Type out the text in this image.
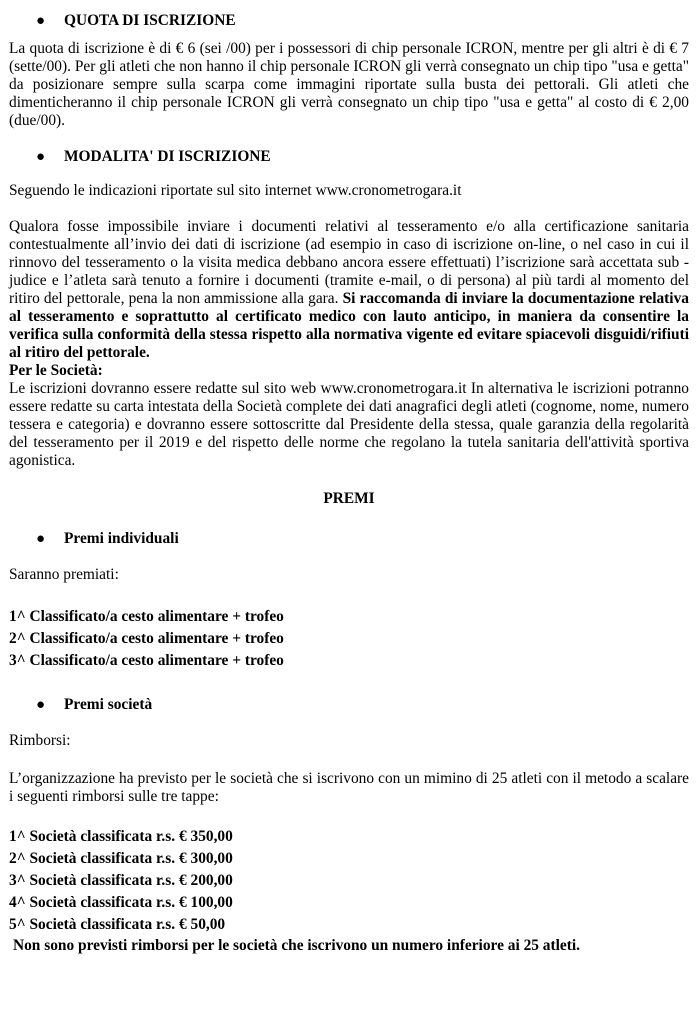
●	QUOTA DI ISCRIZIONE

La quota di iscrizione è di € 6 (sei /00) per i possessori di chip personale ICRON, mentre per gli altri è di € 7 (sette/00). Per gli atleti che non hanno il chip personale ICRON gli verrà consegnato un chip tipo "usa e getta" da posizionare sempre sulla scarpa come immagini riportate sulla busta dei pettorali. Gli atleti che dimenticheranno il chip personale ICRON gli verrà consegnato un chip tipo "usa e getta" al costo di € 2,00 (due/00).

●	MODALITA' DI ISCRIZIONE

Seguendo le indicazioni riportate sul sito internet www.cronometrogara.it

Qualora fosse impossibile inviare i documenti relativi al tesseramento e/o alla certificazione sanitaria contestualmente all’invio dei dati di iscrizione (ad esempio in caso di iscrizione on-line, o nel caso in cui il rinnovo del tesseramento o la visita medica debbano ancora essere effettuati) l’iscrizione sarà accettata sub - judice e l’atleta sarà tenuto a fornire i documenti (tramite e-mail, o di persona) al più tardi al momento del ritiro del pettorale, pena la non ammissione alla gara. Si raccomanda di inviare la documentazione relativa al tesseramento e soprattutto al certificato medico con lauto anticipo, in maniera da consentire la verifica sulla conformità della stessa rispetto alla normativa vigente ed evitare spiacevoli disguidi/rifiuti al ritiro del pettorale.

Per le Società:

Le iscrizioni dovranno essere redatte sul sito web www.cronometrogara.it In alternativa le iscrizioni potranno essere redatte su carta intestata della Società complete dei dati anagrafici degli atleti (cognome, nome, numero tessera e categoria) e dovranno essere sottoscritte dal Presidente della stessa, quale garanzia della regolarità del tesseramento per il 2019 e del rispetto delle norme che regolano la tutela sanitaria dell'attività sportiva agonistica.

PREMI

●	Premi individuali

Saranno premiati:

1^ Classificato/a cesto alimentare + trofeo
2^ Classificato/a cesto alimentare + trofeo
3^ Classificato/a cesto alimentare + trofeo
●	Premi società

Rimborsi:

L’organizzazione ha previsto per le società che si iscrivono con un mimino di 25 atleti con il metodo a scalare i seguenti rimborsi sulle tre tappe:

1^ Società classificata r.s. € 350,00
2^ Società classificata r.s. € 300,00
3^ Società classificata r.s. € 200,00
4^ Società classificata r.s. € 100,00
5^ Società classificata r.s. € 50,00

Non sono previsti rimborsi per le società che iscrivono un numero inferiore ai 25 atleti.
